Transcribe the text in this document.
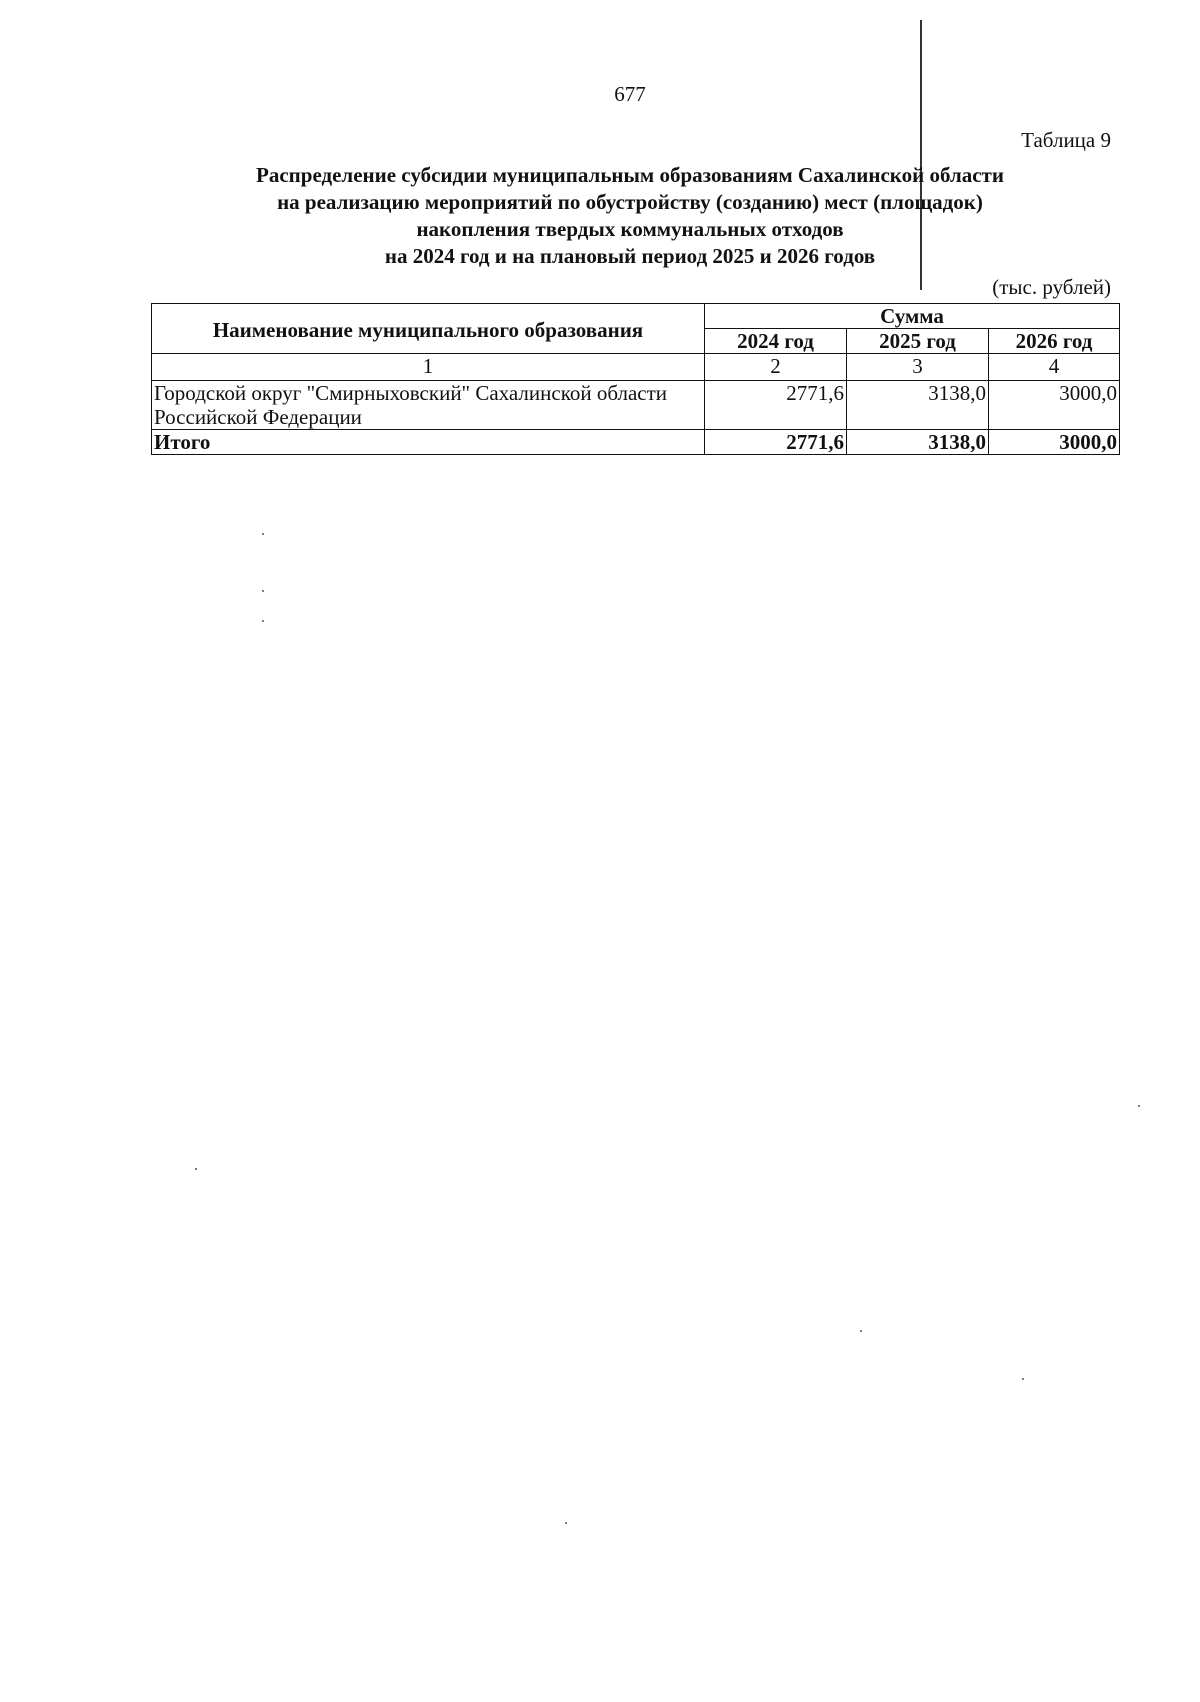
677
Таблица 9
Распределение субсидии муниципальным образованиям Сахалинской области
на реализацию мероприятий по обустройству (созданию) мест (площадок)
накопления твердых коммунальных отходов
на 2024 год и на плановый период 2025 и 2026 годов
(тыс. рублей)
Наименование муниципального образования	Сумма		
	2024 год	2025 год	2026 год
1	2	3	4
Городской округ "Смирныховский" Сахалинской области Российской Федерации	2771,6	3138,0	3000,0
Итого	2771,6	3138,0	3000,0
